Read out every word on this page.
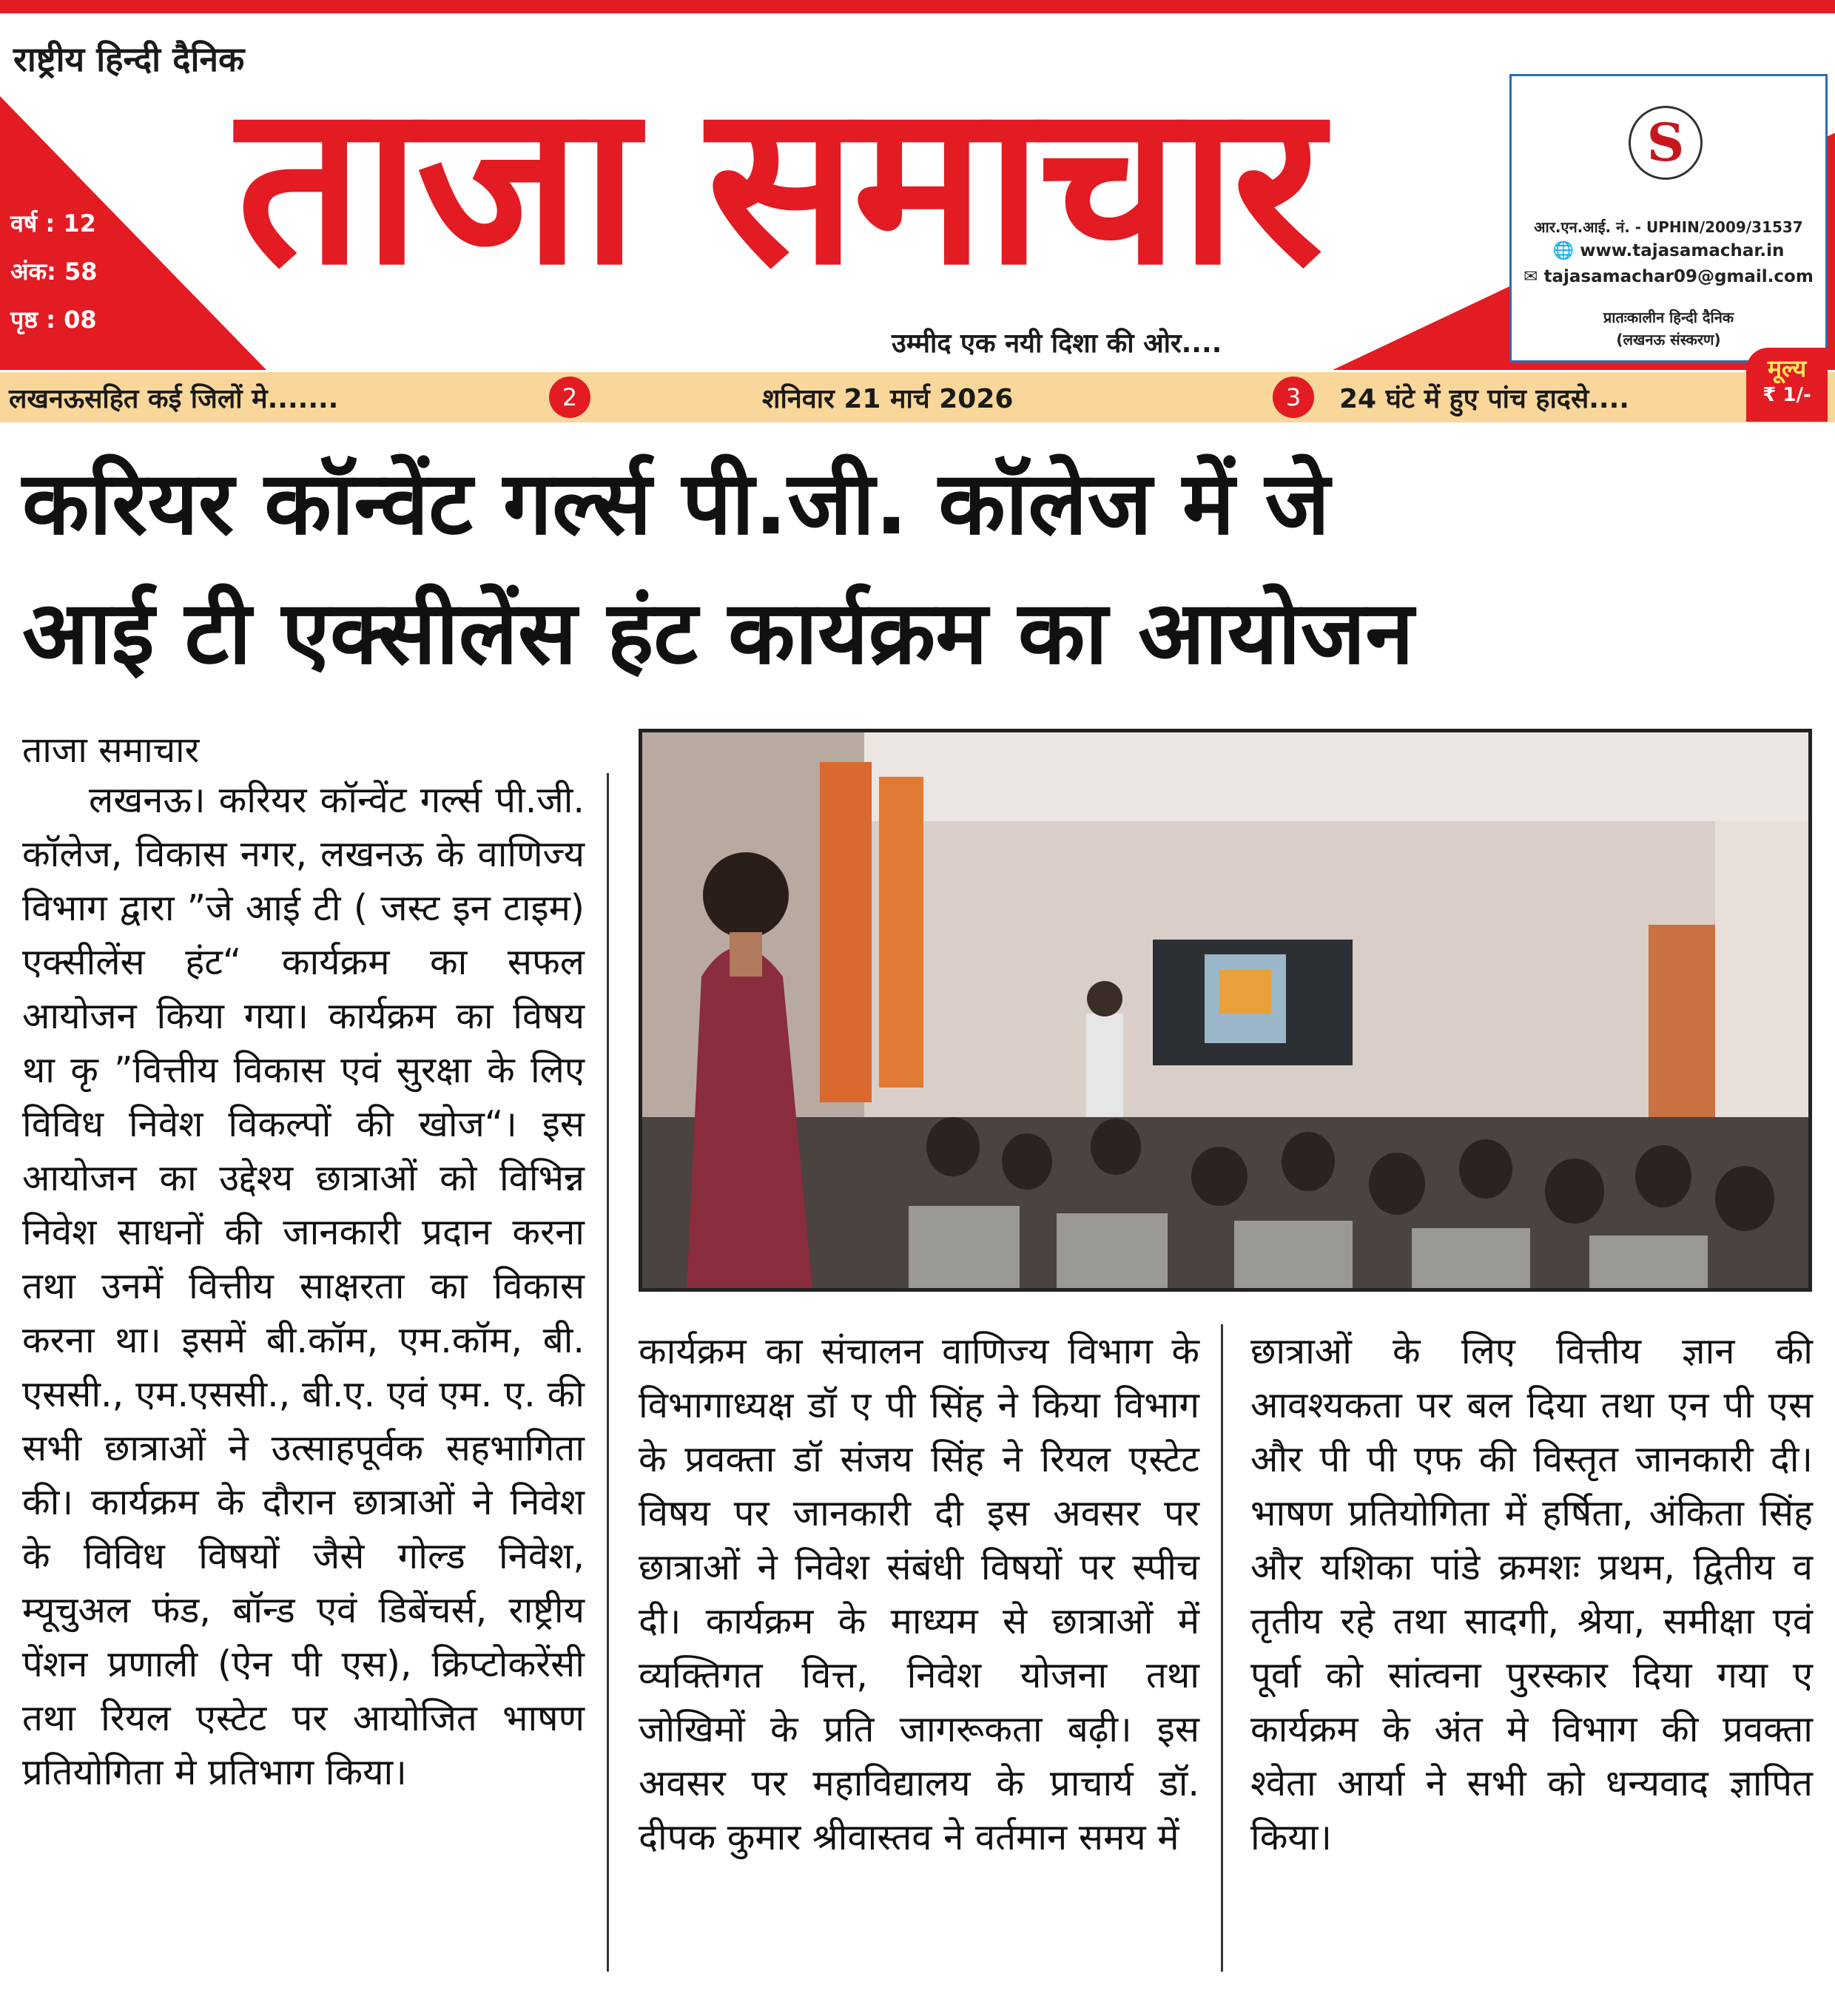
राष्ट्रीय हिन्दी दैनिक
वर्ष : 12
अंक: 58
पृष्ठ : 08
ताजा समाचार
उम्मीद एक नयी दिशा की ओर....
S
आर.एन.आई. नं. - UPHIN/2009/31537
🌐 www.tajasamachar.in
✉ tajasamachar09@gmail.com
प्रातःकालीन हिन्दी दैनिक
(लखनऊ संस्करण)
लखनऊसहित कई जिलों मे.......	2	शनिवार 21 मार्च 2026	3	24 घंटे में हुए पांच हादसे....
मूल्य
₹ 1/-
करियर कॉन्वेंट गर्ल्स पी.जी. कॉलेज में जे
आई टी एक्सीलेंस हंट कार्यक्रम का आयोजन
ताजा समाचार

लखनऊ। करियर कॉन्वेंट गर्ल्स पी.जी. कॉलेज, विकास नगर, लखनऊ के वाणिज्य विभाग द्वारा ”जे आई टी ( जस्ट इन टाइम) एक्सीलेंस हंट“ कार्यक्रम का सफल आयोजन किया गया। कार्यक्रम का विषय था कृ ”वित्तीय विकास एवं सुरक्षा के लिए विविध निवेश विकल्पों की खोज“। इस आयोजन का उद्देश्य छात्राओं को विभिन्न निवेश साधनों की जानकारी प्रदान करना तथा उनमें वित्तीय साक्षरता का विकास करना था। इसमें बी.कॉम, एम.कॉम, बी. एससी., एम.एससी., बी.ए. एवं एम. ए. की सभी छात्राओं ने उत्साहपूर्वक सहभागिता की। कार्यक्रम के दौरान छात्राओं ने निवेश के विविध विषयों जैसे गोल्ड निवेश, म्यूचुअल फंड, बॉन्ड एवं डिबेंचर्स, राष्ट्रीय पेंशन प्रणाली (ऐन पी एस), क्रिप्टोकरेंसी तथा रियल एस्टेट पर आयोजित भाषण प्रतियोगिता मे प्रतिभाग किया।

कार्यक्रम का संचालन वाणिज्य विभाग के विभागाध्यक्ष डॉ ए पी सिंह ने किया विभाग के प्रवक्ता डॉ संजय सिंह ने रियल एस्टेट विषय पर जानकारी दी इस अवसर पर छात्राओं ने निवेश संबंधी विषयों पर स्पीच दी। कार्यक्रम के माध्यम से छात्राओं में व्यक्तिगत वित्त, निवेश योजना तथा जोखिमों के प्रति जागरूकता बढ़ी। इस अवसर पर महाविद्यालय के प्राचार्य डॉ. दीपक कुमार श्रीवास्तव ने वर्तमान समय में

छात्राओं के लिए वित्तीय ज्ञान की आवश्यकता पर बल दिया तथा एन पी एस और पी पी एफ की विस्तृत जानकारी दी। भाषण प्रतियोगिता में हर्षिता, अंकिता सिंह और यशिका पांडे क्रमशः प्रथम, द्वितीय व तृतीय रहे तथा सादगी, श्रेया, समीक्षा एवं पूर्वा को सांत्वना पुरस्कार दिया गया ए कार्यक्रम के अंत मे विभाग की प्रवक्ता श्वेता आर्या ने सभी को धन्यवाद ज्ञापित किया।
